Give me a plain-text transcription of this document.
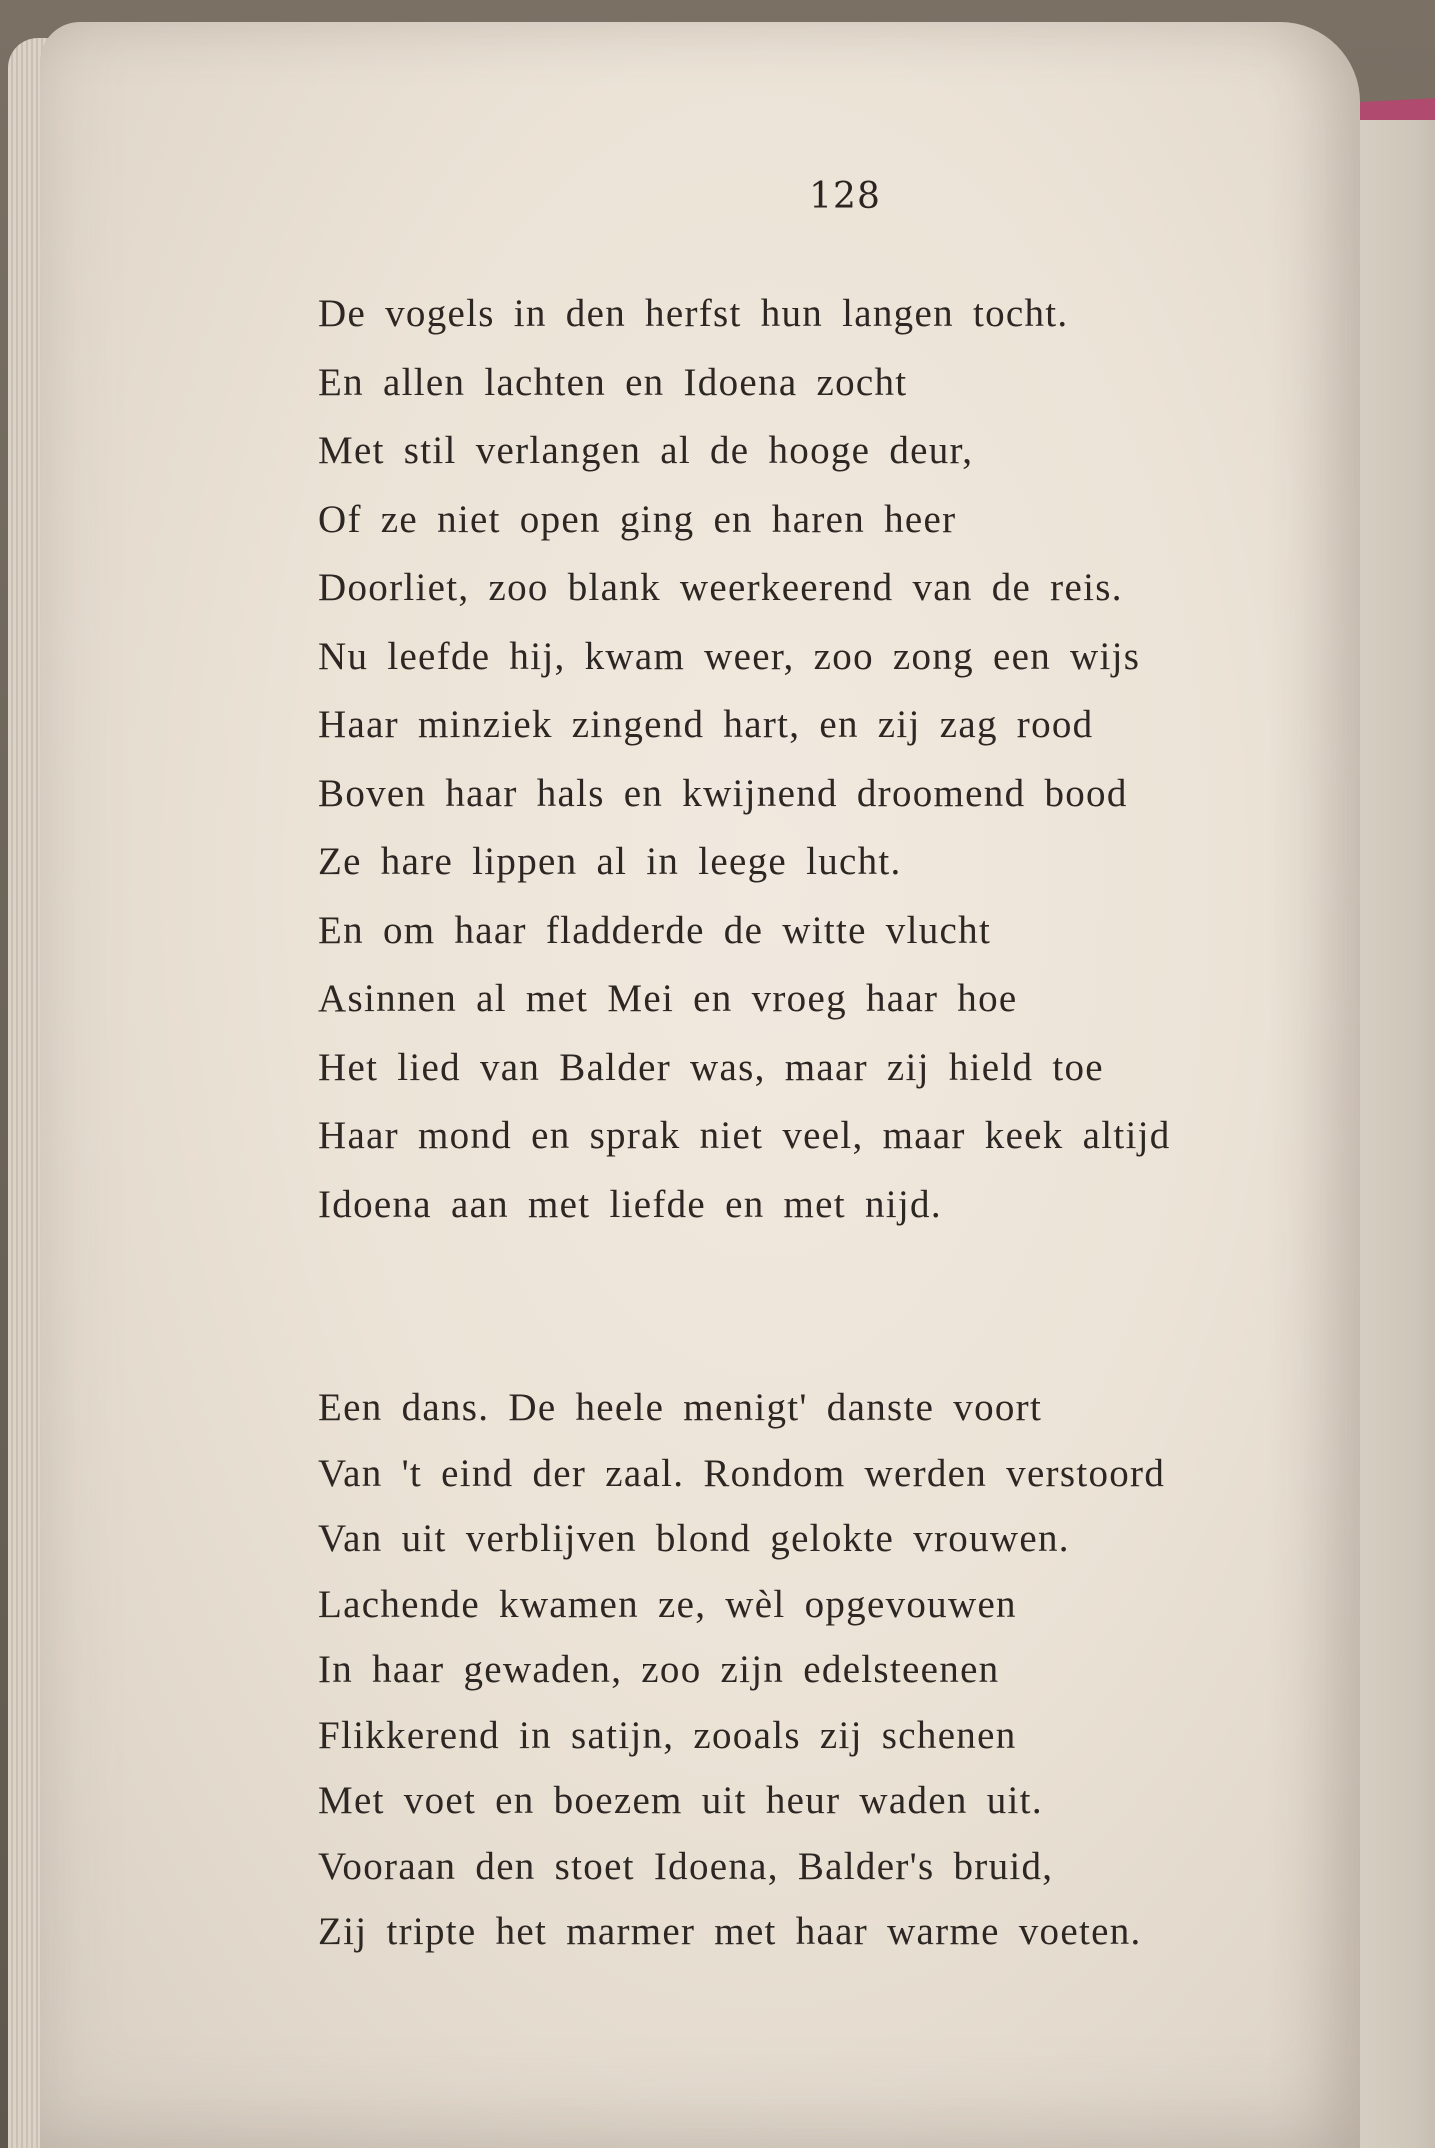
128
De vogels in den herfst hun langen tocht.
En allen lachten en Idoena zocht
Met stil verlangen al de hooge deur,
Of ze niet open ging en haren heer
Doorliet, zoo blank weerkeerend van de reis.
Nu leefde hij, kwam weer, zoo zong een wijs
Haar minziek zingend hart, en zij zag rood
Boven haar hals en kwijnend droomend bood
Ze hare lippen al in leege lucht.
En om haar fladderde de witte vlucht
Asinnen al met Mei en vroeg haar hoe
Het lied van Balder was, maar zij hield toe
Haar mond en sprak niet veel, maar keek altijd
Idoena aan met liefde en met nijd.
Een dans. De heele menigt' danste voort
Van 't eind der zaal. Rondom werden verstoord
Van uit verblijven blond gelokte vrouwen.
Lachende kwamen ze, wèl opgevouwen
In haar gewaden, zoo zijn edelsteenen
Flikkerend in satijn, zooals zij schenen
Met voet en boezem uit heur waden uit.
Vooraan den stoet Idoena, Balder's bruid,
Zij tripte het marmer met haar warme voeten.
